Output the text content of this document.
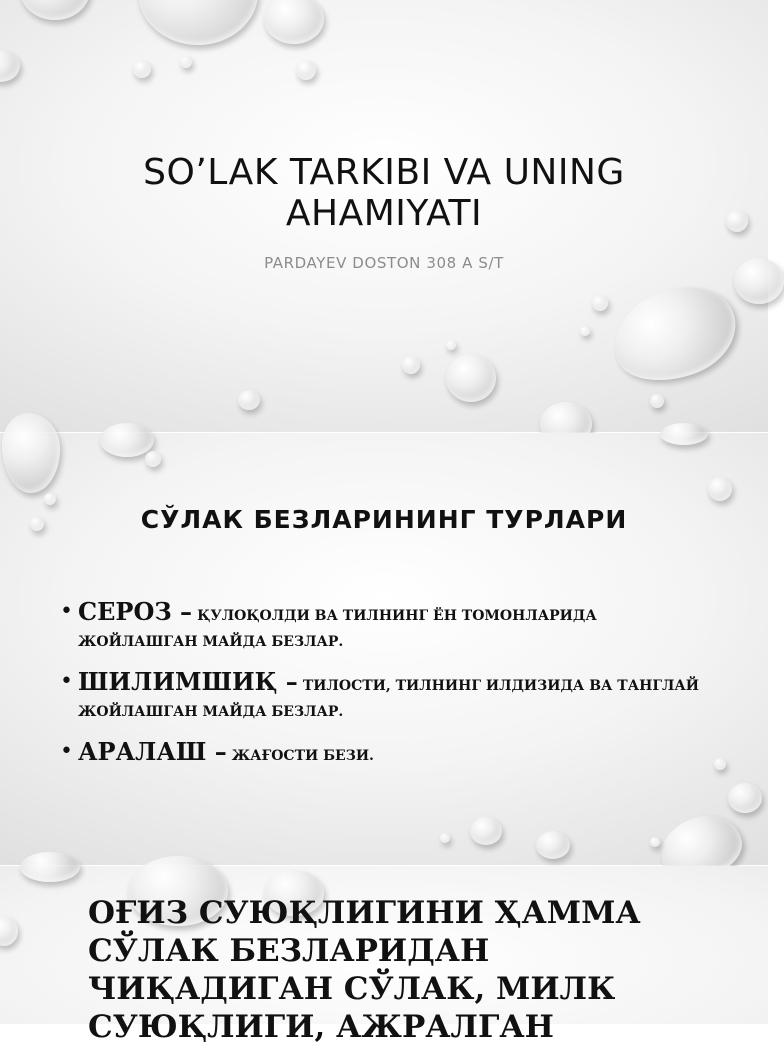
SO’LAK TARKIBI VA UNING AHAMIYATI
PARDAYEV DOSTON 308 A S/T
СЎЛАК БЕЗЛАРИНИНГ ТУРЛАРИ
• СЕРОЗ – ҚУЛОҚОЛДИ ВА ТИЛНИНГ ЁН ТОМОНЛАРИДА ЖОЙЛАШГАН МАЙДА БЕЗЛАР.
• ШИЛИМШИҚ – ТИЛОСТИ, ТИЛНИНГ ИЛДИЗИДА ВА ТАНГЛАЙ ЖОЙЛАШГАН МАЙДА БЕЗЛАР.
• АРАЛАШ – ЖАҒОСТИ БЕЗИ.
ОҒИЗ СУЮҚЛИГИНИ ҲАММА СЎЛАК БЕЗЛАРИДАН ЧИҚАДИГАН СЎЛАК, МИЛК СУЮҚЛИГИ, АЖРАЛГАН
